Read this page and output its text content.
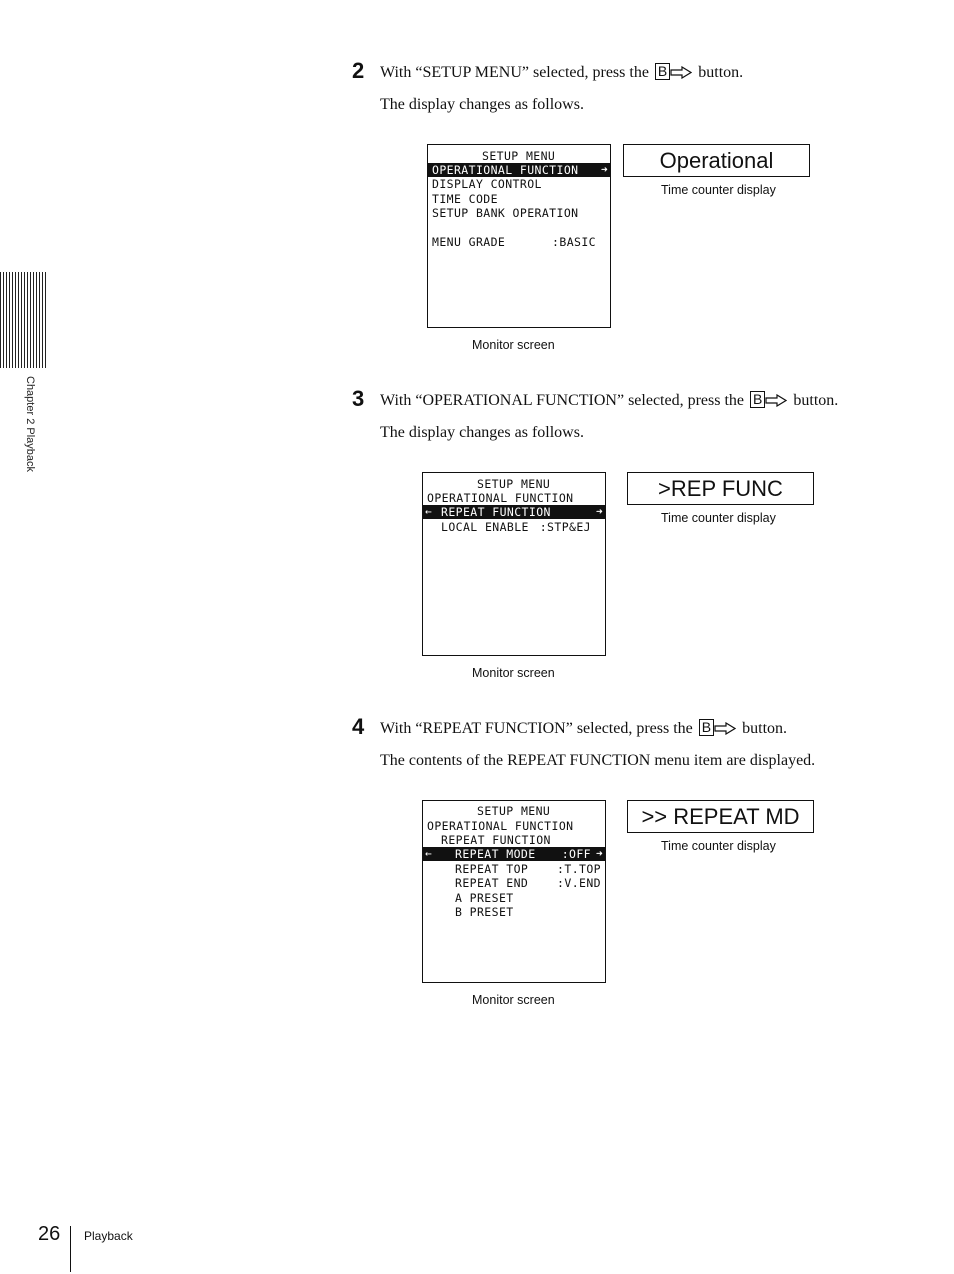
Chapter 2 Playback
2 With “SETUP MENU” selected, press the B button.
The display changes as follows.
SETUP MENU
OPERATIONAL FUNCTION ➜
DISPLAY CONTROL
TIME CODE
SETUP BANK OPERATION
MENU GRADE	:BASIC
Monitor screen
Operational
Time counter display
3 With “OPERATIONAL FUNCTION” selected, press the B button.
The display changes as follows.
SETUP MENU
OPERATIONAL FUNCTION
← REPEAT FUNCTION	➜
LOCAL ENABLE :STP&EJ
Monitor screen
>REP FUNC
Time counter display
4 With “REPEAT FUNCTION” selected, press the B button.
The contents of the REPEAT FUNCTION menu item are displayed.
SETUP MENU
OPERATIONAL FUNCTION
REPEAT FUNCTION
← REPEAT MODE :OFF ➜
REPEAT TOP	:T.TOP
REPEAT END	:V.END
A PRESET
B PRESET
Monitor screen
>> REPEAT MD
Time counter display
26 Playback
